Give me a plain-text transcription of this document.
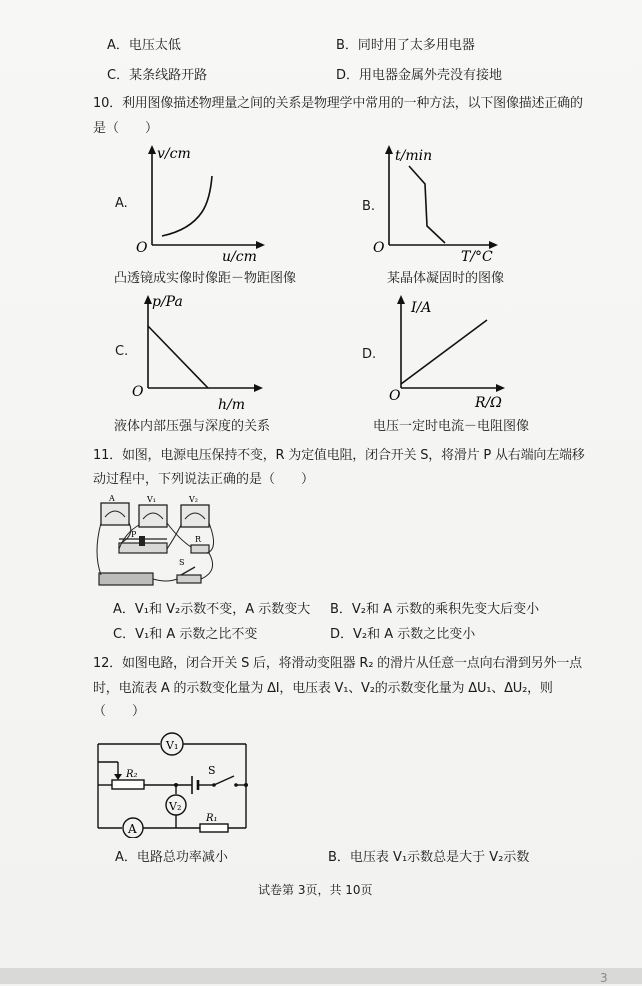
A．电压太低	B．同时用了太多用电器
C．某条线路开路	D．用电器金属外壳没有接地
10．利用图像描述物理量之间的关系是物理学中常用的一种方法，以下图像描述正确的
是（　　）
A.
v/cm
u/cm
O
凸透镜成实像时像距－物距图像
B.
t/min
T/°C
O
某晶体凝固时的图像
C.
p/Pa
h/m
O
液体内部压强与深度的关系
D.
I/A
R/Ω
O
电压一定时电流－电阻图像
11．如图，电源电压保持不变，R 为定值电阻，闭合开关 S，将滑片 P 从右端向左端移
动过程中，下列说法正确的是（　　）
A	V₁	V₂
P
R
S
A．V₁和 V₂示数不变，A 示数变大 B．V₂和 A 示数的乘积先变大后变小
C．V₁和 A 示数之比不变	D．V₂和 A 示数之比变小
12．如图电路，闭合开关 S 后，将滑动变阻器 R₂ 的滑片从任意一点向右滑到另外一点
时，电流表 A 的示数变化量为 ΔI，电压表 V₁、V₂的示数变化量为 ΔU₁、ΔU₂，则
（　　）
V₁
R₂	S
V₂
A
R₁
A．电路总功率减小	B．电压表 V₁示数总是大于 V₂示数
试卷第 3页，共 10页
3
